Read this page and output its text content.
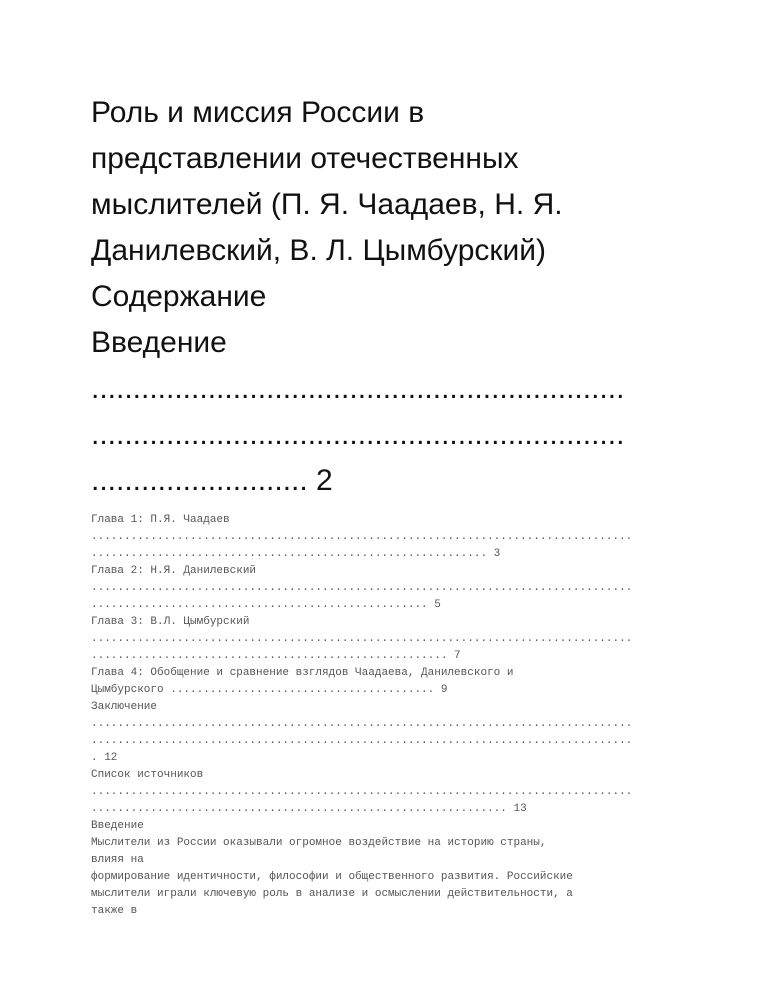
Роль и миссия России в

представлении отечественных

мыслителей (П. Я. Чаадаев, Н. Я.

Данилевский, В. Л. Цымбурский)

Содержание

Введение

................................................................

................................................................

.......................... 2

Глава 1: П.Я. Чаадаев

..................................................................................

............................................................ 3

Глава 2: Н.Я. Данилевский

..................................................................................

................................................... 5

Глава 3: В.Л. Цымбурский

..................................................................................

...................................................... 7

Глава 4: Обобщение и сравнение взглядов Чаадаева, Данилевского и

Цымбурского ........................................ 9

Заключение

..................................................................................

..................................................................................

. 12

Список источников

..................................................................................

............................................................... 13

Введение

Мыслители из России оказывали огромное воздействие на историю страны,

влияя на

формирование идентичности, философии и общественного развития. Российские

мыслители играли ключевую роль в анализе и осмыслении действительности, а

также в
